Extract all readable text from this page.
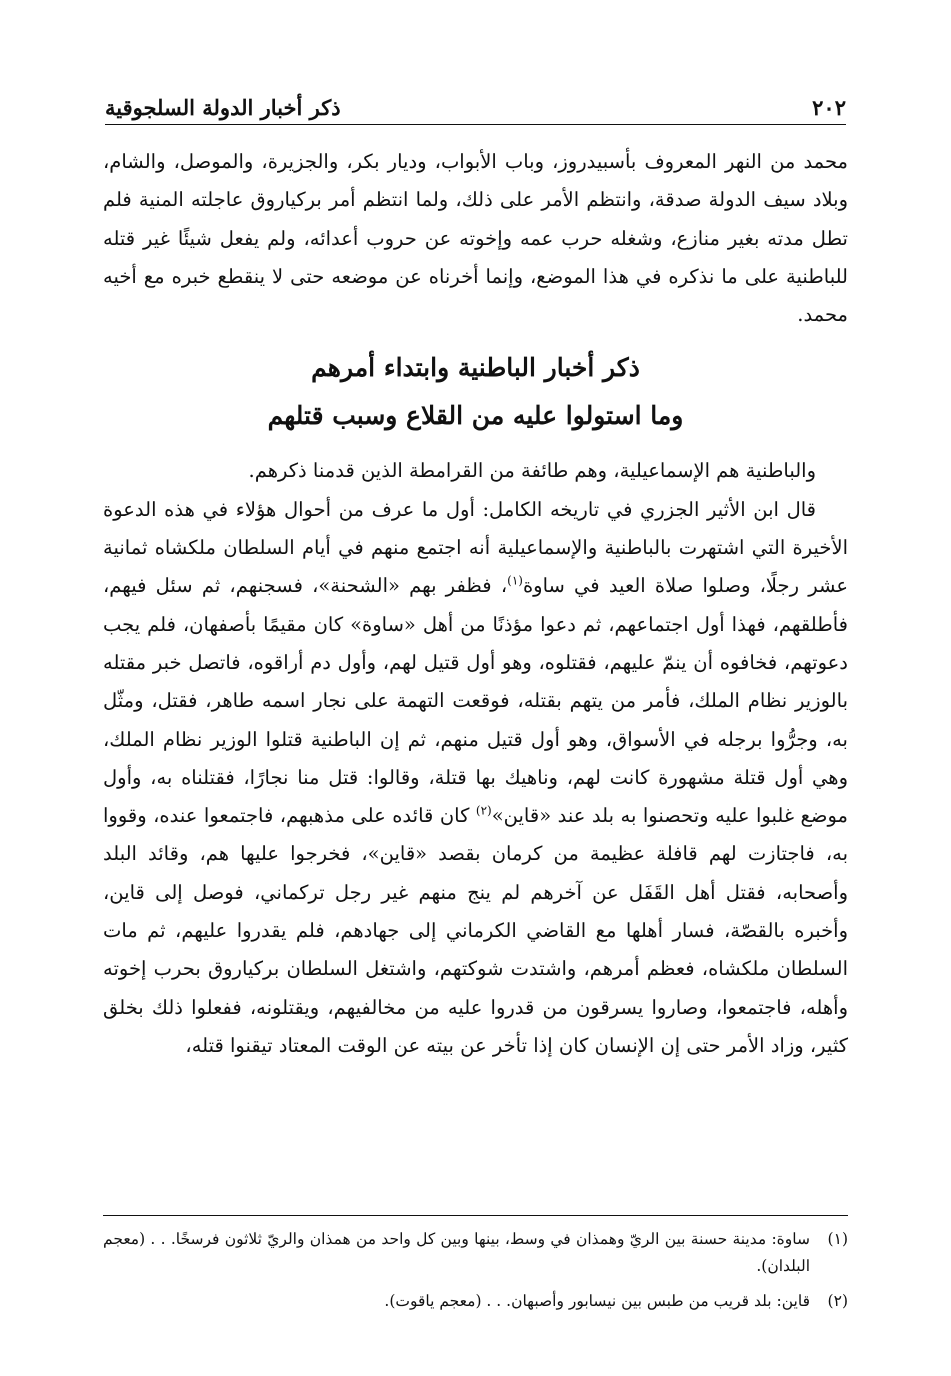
٢٠٢
ذكر أخبار الدولة السلجوقية

محمد من النهر المعروف بأسبيدروز، وباب الأبواب، وديار بكر، والجزيرة، والموصل، والشام، وبلاد سيف الدولة صدقة، وانتظم الأمر على ذلك، ولما انتظم أمر بركياروق عاجلته المنية فلم تطل مدته بغير منازع، وشغله حرب عمه وإخوته عن حروب أعدائه، ولم يفعل شيئًا غير قتله للباطنية على ما نذكره في هذا الموضع، وإنما أخرناه عن موضعه حتى لا ينقطع خبره مع أخيه محمد.

ذكر أخبار الباطنية وابتداء أمرهم
وما استولوا عليه من القلاع وسبب قتلهم

والباطنية هم الإسماعيلية، وهم طائفة من القرامطة الذين قدمنا ذكرهم.

قال ابن الأثير الجزري في تاريخه الكامل: أول ما عرف من أحوال هؤلاء في هذه الدعوة الأخيرة التي اشتهرت بالباطنية والإسماعيلية أنه اجتمع منهم في أيام السلطان ملكشاه ثمانية عشر رجلًا، وصلوا صلاة العيد في ساوة$^{(١)}$، فظفر بهم «الشحنة»، فسجنهم، ثم سئل فيهم، فأطلقهم، فهذا أول اجتماعهم، ثم دعوا مؤذنًا من أهل «ساوة» كان مقيمًا بأصفهان، فلم يجب دعوتهم، فخافوه أن ينمّ عليهم، فقتلوه، وهو أول قتيل لهم، وأول دم أراقوه، فاتصل خبر مقتله بالوزير نظام الملك، فأمر من يتهم بقتله، فوقعت التهمة على نجار اسمه طاهر، فقتل، ومثّل به، وجرُّوا برجله في الأسواق، وهو أول قتيل منهم، ثم إن الباطنية قتلوا الوزير نظام الملك، وهي أول قتلة مشهورة كانت لهم، وناهيك بها قتلة، وقالوا: قتل منا نجارًا، فقتلناه به، وأول موضع غلبوا عليه وتحصنوا به بلد عند «قاين»$^{(٢)}$ كان قائده على مذهبهم، فاجتمعوا عنده، وقووا به، فاجتازت لهم قافلة عظيمة من كرمان بقصد «قاين»، فخرجوا عليها هم، وقائد البلد وأصحابه، فقتل أهل القَفَل عن آخرهم لم ينج منهم غير رجل تركماني، فوصل إلى قاين، وأخبره بالقصّة، فسار أهلها مع القاضي الكرماني إلى جهادهم، فلم يقدروا عليهم، ثم مات السلطان ملكشاه، فعظم أمرهم، واشتدت شوكتهم، واشتغل السلطان بركياروق بحرب إخوته وأهله، فاجتمعوا، وصاروا يسرقون من قدروا عليه من مخالفيهم، ويقتلونه، ففعلوا ذلك بخلق كثير، وزاد الأمر حتى إن الإنسان كان إذا تأخر عن بيته عن الوقت المعتاد تيقنوا قتله،

(١)
ساوة: مدينة حسنة بين الريّ وهمذان في وسط، بينها وبين كل واحد من همذان والريّ ثلاثون فرسخًا. . . (معجم البلدان).
(٢)
قاين: بلد قريب من طبس بين نيسابور وأصبهان. . . (معجم ياقوت).
